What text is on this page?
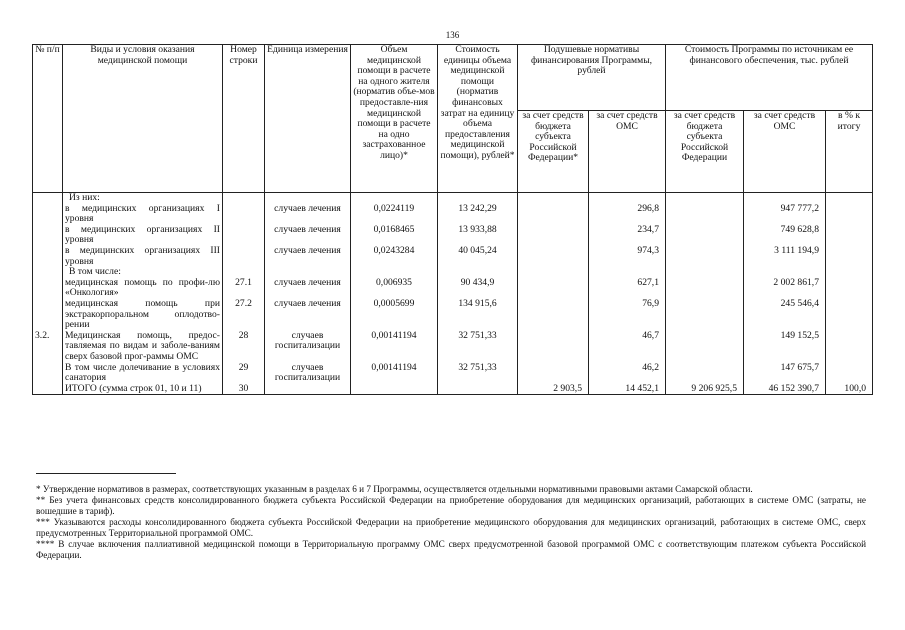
136
№ п/п	Виды и условия оказания медицинской помощи	Номер строки	Единица измерения	Объем медицинской помощи в расчете на одного жителя (норматив объе-мов предоставле-ния медицинской помощи в расчете на одно застрахованное лицо)*	Стоимость единицы объема медицинской помощи (норматив финансовых затрат на единицу объема предоставления медицинской помощи), рублей*	Подушевые нормативы финансирования Программы, рублей		Стоимость Программы по источникам ее финансового обеспечения, тыс. рублей		
						за счет средств бюджета субъекта Российской Федерации*	за счет средств ОМС	за счет средств бюджета субъекта Российской Федерации	за счет средств ОМС	в % к итогу
	Из них:									
	в медицинских организациях I уровня		случаев лечения	0,0224119	13 242,29		296,8		947 777,2	
	в медицинских организациях II уровня		случаев лечения	0,0168465	13 933,88		234,7		749 628,8	
	в медицинских организациях III уровня		случаев лечения	0,0243284	40 045,24		974,3		3 111 194,9	
	В том числе:									
	медицинская помощь по профи-лю «Онкология»	27.1	случаев лечения	0,006935	90 434,9		627,1		2 002 861,7	
	медицинская помощь при экстракорпоральном оплодотво-рении	27.2	случаев лечения	0,0005699	134 915,6		76,9		245 546,4	
3.2.	Медицинская помощь, предос-тавляемая по видам и заболе-ваниям сверх базовой прог-раммы ОМС	28	случаев госпитализации	0,00141194	32 751,33		46,7		149 152,5	
	В том числе долечивание в условиях санатория	29	случаев госпитализации	0,00141194	32 751,33		46,2		147 675,7	
	ИТОГО (сумма строк 01, 10 и 11)	30				2 903,5	14 452,1	9 206 925,5	46 152 390,7	100,0

* Утверждение нормативов в размерах, соответствующих указанным в разделах 6 и 7 Программы, осуществляется отдельными нормативными правовыми актами Самарской области.

** Без учета финансовых средств консолидированного бюджета субъекта Российской Федерации на приобретение оборудования для медицинских организаций, работающих в системе ОМС (затраты, не вошедшие в тариф).

*** Указываются расходы консолидированного бюджета субъекта Российской Федерации на приобретение медицинского оборудования для медицинских организаций, работающих в системе ОМС, сверх предусмотренных Территориальной программой ОМС.

**** В случае включения паллиативной медицинской помощи в Территориальную программу ОМС сверх предусмотренной базовой программой ОМС с соответствующим платежом субъекта Российской Федерации.
